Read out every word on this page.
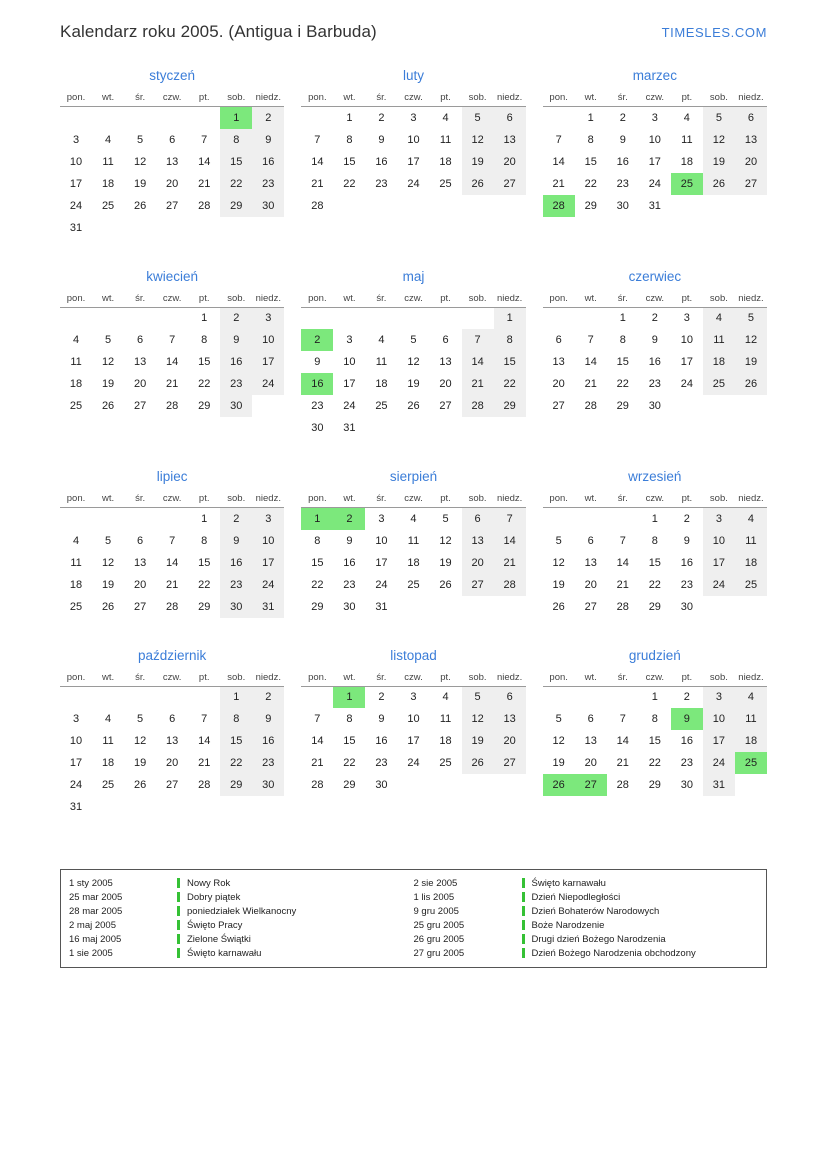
Kalendarz roku 2005. (Antigua i Barbuda)	TIMESLES.COM
styczeń
pon.	wt.	śr.	czw.	pt.	sob.	niedz.
					1	2
3	4	5	6	7	8	9
10	11	12	13	14	15	16
17	18	19	20	21	22	23
24	25	26	27	28	29	30
31						
luty
pon.	wt.	śr.	czw.	pt.	sob.	niedz.
	1	2	3	4	5	6
7	8	9	10	11	12	13
14	15	16	17	18	19	20
21	22	23	24	25	26	27
28						
marzec
pon.	wt.	śr.	czw.	pt.	sob.	niedz.
	1	2	3	4	5	6
7	8	9	10	11	12	13
14	15	16	17	18	19	20
21	22	23	24	25	26	27
28	29	30	31			
kwiecień
pon.	wt.	śr.	czw.	pt.	sob.	niedz.
				1	2	3
4	5	6	7	8	9	10
11	12	13	14	15	16	17
18	19	20	21	22	23	24
25	26	27	28	29	30	
maj
pon.	wt.	śr.	czw.	pt.	sob.	niedz.
						1
2	3	4	5	6	7	8
9	10	11	12	13	14	15
16	17	18	19	20	21	22
23	24	25	26	27	28	29
30	31					
czerwiec
pon.	wt.	śr.	czw.	pt.	sob.	niedz.
		1	2	3	4	5
6	7	8	9	10	11	12
13	14	15	16	17	18	19
20	21	22	23	24	25	26
27	28	29	30			
lipiec
pon.	wt.	śr.	czw.	pt.	sob.	niedz.
				1	2	3
4	5	6	7	8	9	10
11	12	13	14	15	16	17
18	19	20	21	22	23	24
25	26	27	28	29	30	31
sierpień
pon.	wt.	śr.	czw.	pt.	sob.	niedz.
1	2	3	4	5	6	7
8	9	10	11	12	13	14
15	16	17	18	19	20	21
22	23	24	25	26	27	28
29	30	31				
wrzesień
pon.	wt.	śr.	czw.	pt.	sob.	niedz.
			1	2	3	4
5	6	7	8	9	10	11
12	13	14	15	16	17	18
19	20	21	22	23	24	25
26	27	28	29	30		
październik
pon.	wt.	śr.	czw.	pt.	sob.	niedz.
					1	2
3	4	5	6	7	8	9
10	11	12	13	14	15	16
17	18	19	20	21	22	23
24	25	26	27	28	29	30
31						
listopad
pon.	wt.	śr.	czw.	pt.	sob.	niedz.
	1	2	3	4	5	6
7	8	9	10	11	12	13
14	15	16	17	18	19	20
21	22	23	24	25	26	27
28	29	30				
grudzień
pon.	wt.	śr.	czw.	pt.	sob.	niedz.
			1	2	3	4
5	6	7	8	9	10	11
12	13	14	15	16	17	18
19	20	21	22	23	24	25
26	27	28	29	30	31	
1 sty 2005	Nowy Rok
25 mar 2005	Dobry piątek
28 mar 2005	poniedziałek Wielkanocny
2 maj 2005	Święto Pracy
16 maj 2005	Zielone Świątki
1 sie 2005	Święto karnawału
2 sie 2005	Święto karnawału
1 lis 2005	Dzień Niepodległości
9 gru 2005	Dzień Bohaterów Narodowych
25 gru 2005	Boże Narodzenie
26 gru 2005	Drugi dzień Bożego Narodzenia
27 gru 2005	Dzień Bożego Narodzenia obchodzony
